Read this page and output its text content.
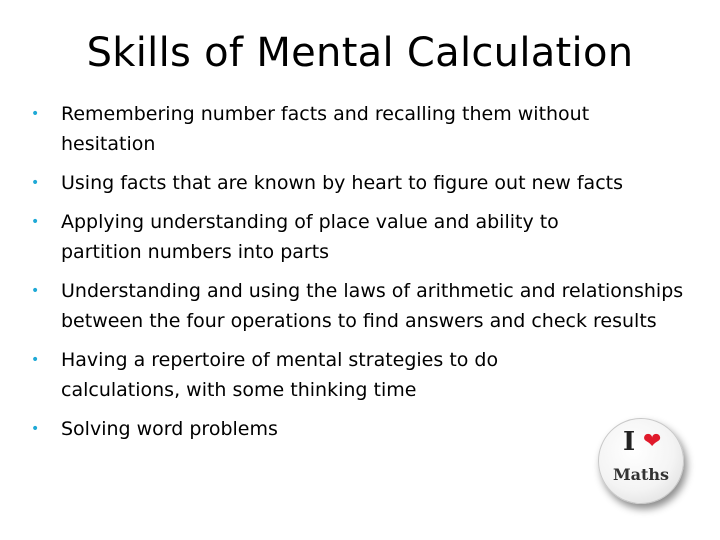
Skills of Mental Calculation
• Remembering number facts and recalling them without hesitation
• Using facts that are known by heart to figure out new facts
• Applying understanding of place value and ability to partition numbers into parts
• Understanding and using the laws of arithmetic and relationships between the four operations to find answers and check results
• Having a repertoire of mental strategies to do calculations, with some thinking time
• Solving word problems	I ❤
Maths
